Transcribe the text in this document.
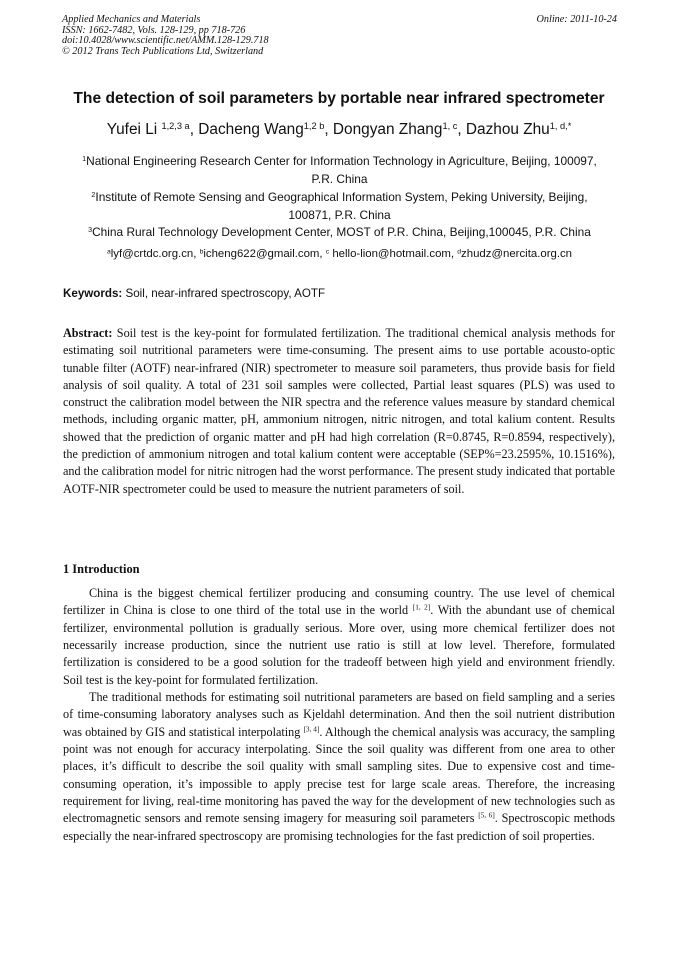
Applied Mechanics and Materials
ISSN: 1662-7482, Vols. 128-129, pp 718-726
doi:10.4028/www.scientific.net/AMM.128-129.718
© 2012 Trans Tech Publications Ltd, Switzerland
Online: 2011-10-24
The detection of soil parameters by portable near infrared spectrometer
Yufei Li $^{1,2,3 a}$, Dacheng Wang$^{1,2 b}$, Dongyan Zhang$^{1, c}$, Dazhou Zhu$^{1, d,*}$
$^1$National Engineering Research Center for Information Technology in Agriculture, Beijing, 100097,
P.R. China
$^2$Institute of Remote Sensing and Geographical Information System, Peking University, Beijing,
100871, P.R. China
$^3$China Rural Technology Development Center, MOST of P.R. China, Beijing,100045, P.R. China
$^a$lyf@crtdc.org.cn, $^b$icheng622@gmail.com, $^c$ hello-lion@hotmail.com, $^d$zhudz@nercita.org.cn
Keywords: Soil, near-infrared spectroscopy, AOTF

Abstract: Soil test is the key-point for formulated fertilization. The traditional chemical analysis methods for estimating soil nutritional parameters were time-consuming. The present aims to use portable acousto-optic tunable filter (AOTF) near-infrared (NIR) spectrometer to measure soil parameters, thus provide basis for field analysis of soil quality. A total of 231 soil samples were collected, Partial least squares (PLS) was used to construct the calibration model between the NIR spectra and the reference values measure by standard chemical methods, including organic matter, pH, ammonium nitrogen, nitric nitrogen, and total kalium content. Results showed that the prediction of organic matter and pH had high correlation (R=0.8745, R=0.8594, respectively), the prediction of ammonium nitrogen and total kalium content were acceptable (SEP%=23.2595%, 10.1516%), and the calibration model for nitric nitrogen had the worst performance. The present study indicated that portable AOTF-NIR spectrometer could be used to measure the nutrient parameters of soil.

1 Introduction

China is the biggest chemical fertilizer producing and consuming country. The use level of chemical fertilizer in China is close to one third of the total use in the world [1, 2]. With the abundant use of chemical fertilizer, environmental pollution is gradually serious. More over, using more chemical fertilizer does not necessarily increase production, since the nutrient use ratio is still at low level. Therefore, formulated fertilization is considered to be a good solution for the tradeoff between high yield and environment friendly. Soil test is the key-point for formulated fertilization.

The traditional methods for estimating soil nutritional parameters are based on field sampling and a series of time-consuming laboratory analyses such as Kjeldahl determination. And then the soil nutrient distribution was obtained by GIS and statistical interpolating [3, 4]. Although the chemical analysis was accuracy, the sampling point was not enough for accuracy interpolating. Since the soil quality was different from one area to other places, it’s difficult to describe the soil quality with small sampling sites. Due to expensive cost and time-consuming operation, it’s impossible to apply precise test for large scale areas. Therefore, the increasing requirement for living, real-time monitoring has paved the way for the development of new technologies such as electromagnetic sensors and remote sensing imagery for measuring soil parameters [5, 6]. Spectroscopic methods especially the near-infrared spectroscopy are promising technologies for the fast prediction of soil properties.
